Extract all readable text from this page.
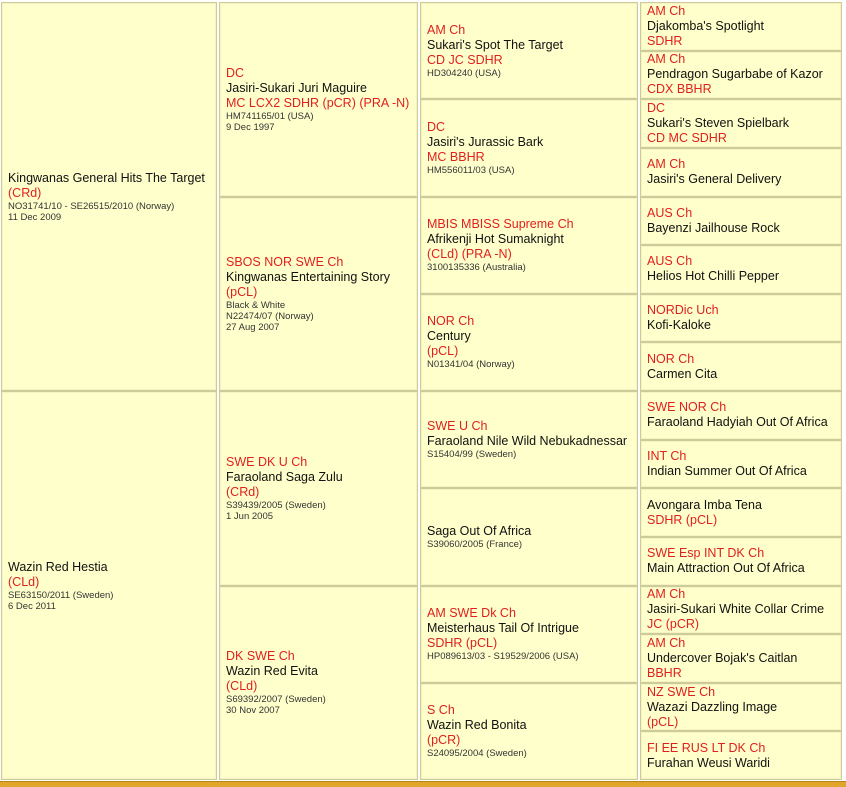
Kingwanas General Hits The Target
(CRd)
NO31741/10 - SE26515/2010 (Norway)
11 Dec 2009
DC
Jasiri-Sukari Juri Maguire
MC LCX2 SDHR (pCR) (PRA -N)
HM741165/01 (USA)
9 Dec 1997
AM Ch
Sukari's Spot The Target
CD JC SDHR
HD304240 (USA)
AM Ch
Djakomba's Spotlight
SDHR
AM Ch
Pendragon Sugarbabe of Kazor
CDX BBHR
DC
Jasiri's Jurassic Bark
MC BBHR
HM556011/03 (USA)
DC
Sukari's Steven Spielbark
CD MC SDHR
AM Ch
Jasiri's General Delivery
SBOS NOR SWE Ch
Kingwanas Entertaining Story
(pCL)
Black & White
N22474/07 (Norway)
27 Aug 2007
MBIS MBISS Supreme Ch
Afrikenji Hot Sumaknight
(CLd) (PRA -N)
3100135336 (Australia)
AUS Ch
Bayenzi Jailhouse Rock
AUS Ch
Helios Hot Chilli Pepper
NOR Ch
Century
(pCL)
N01341/04 (Norway)
NORDic Uch
Kofi-Kaloke
NOR Ch
Carmen Cita
Wazin Red Hestia
(CLd)
SE63150/2011 (Sweden)
6 Dec 2011
SWE DK U Ch
Faraoland Saga Zulu
(CRd)
S39439/2005 (Sweden)
1 Jun 2005
SWE U Ch
Faraoland Nile Wild Nebukadnessar
S15404/99 (Sweden)
SWE NOR Ch
Faraoland Hadyiah Out Of Africa
INT Ch
Indian Summer Out Of Africa
Saga Out Of Africa
S39060/2005 (France)
Avongara Imba Tena
SDHR (pCL)
SWE Esp INT DK Ch
Main Attraction Out Of Africa
DK SWE Ch
Wazin Red Evita
(CLd)
S69392/2007 (Sweden)
30 Nov 2007
AM SWE Dk Ch
Meisterhaus Tail Of Intrigue
SDHR (pCL)
HP089613/03 - S19529/2006 (USA)
AM Ch
Jasiri-Sukari White Collar Crime
JC (pCR)
AM Ch
Undercover Bojak's Caitlan
BBHR
S Ch
Wazin Red Bonita
(pCR)
S24095/2004 (Sweden)
NZ SWE Ch
Wazazi Dazzling Image
(pCL)
FI EE RUS LT DK Ch
Furahan Weusi Waridi
